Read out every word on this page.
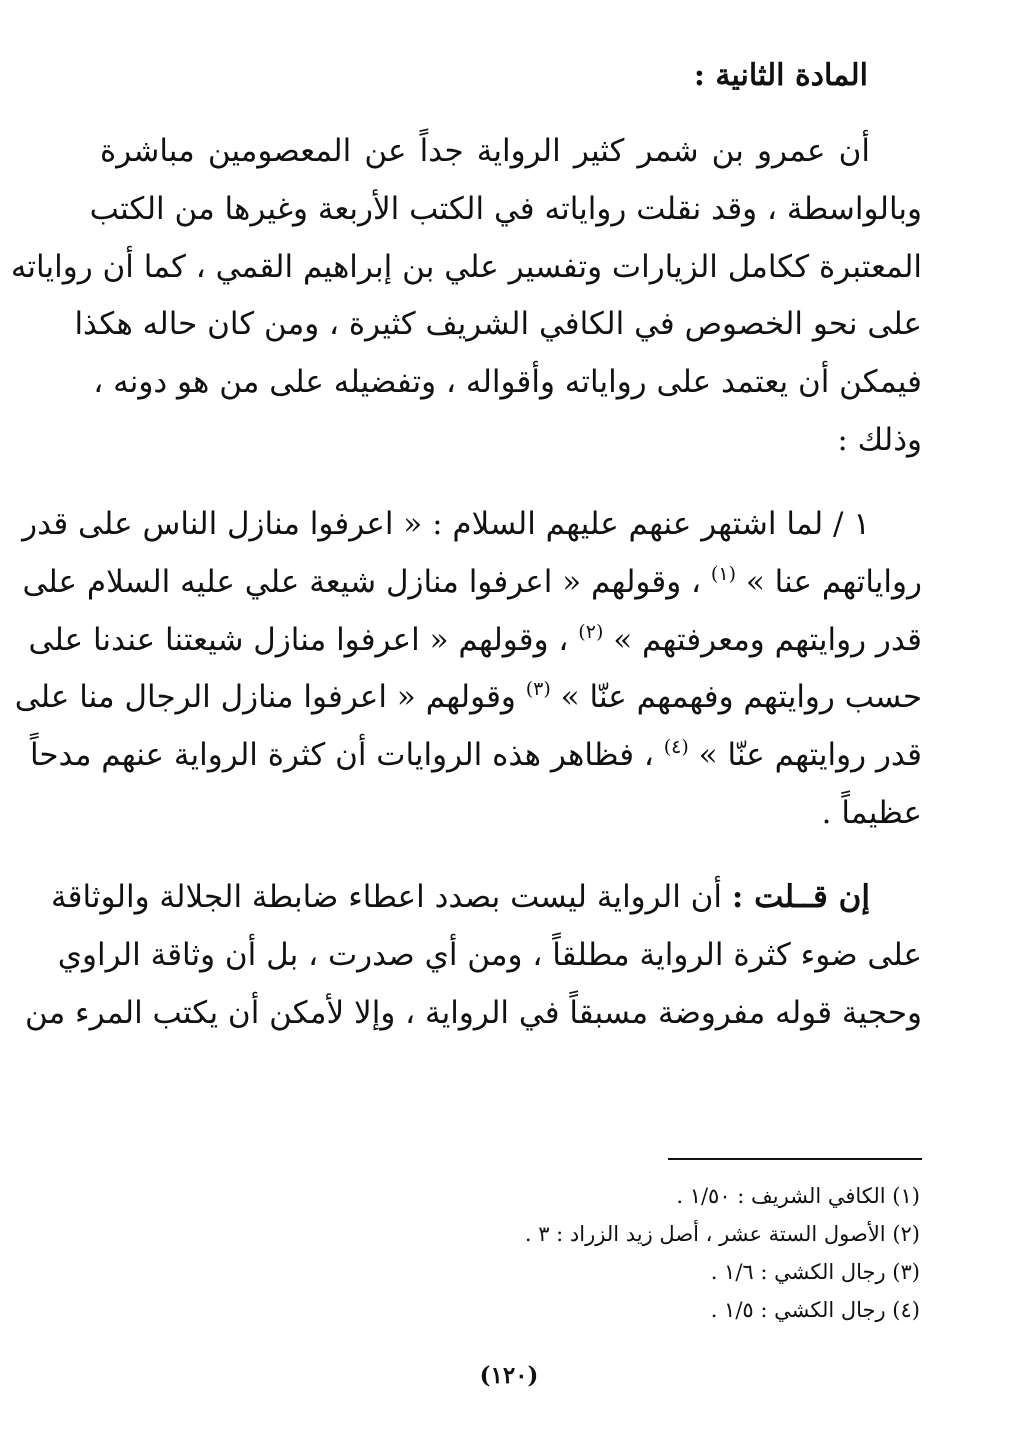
المادة الثانية :
أن عمرو بن شمر كثير الرواية جداً عن المعصومين مباشرة
وبالواسطة ، وقد نقلت رواياته في الكتب الأربعة وغيرها من الكتب
المعتبرة ككامل الزيارات وتفسير علي بن إبراهيم القمي ، كما أن رواياته
على نحو الخصوص في الكافي الشريف كثيرة ، ومن كان حاله هكذا
فيمكن أن يعتمد على رواياته وأقواله ، وتفضيله على من هو دونه ،
وذلك :
١ / لما اشتهر عنهم عليهم السلام : « اعرفوا منازل الناس على قدر
رواياتهم عنا » $^{(١)}$ ، وقولهم « اعرفوا منازل شيعة علي عليه السلام على
قدر روايتهم ومعرفتهم » $^{(٢)}$ ، وقولهم « اعرفوا منازل شيعتنا عندنا على
حسب روايتهم وفهمهم عنّا » $^{(٣)}$ وقولهم « اعرفوا منازل الرجال منا على
قدر روايتهم عنّا » $^{(٤)}$ ، فظاهر هذه الروايات أن كثرة الرواية عنهم مدحاً
عظيماً .
إن قــلت : أن الرواية ليست بصدد اعطاء ضابطة الجلالة والوثاقة
على ضوء كثرة الرواية مطلقاً ، ومن أي صدرت ، بل أن وثاقة الراوي
وحجية قوله مفروضة مسبقاً في الرواية ، وإلا لأمكن أن يكتب المرء من
(١) الكافي الشريف : ١/٥٠ .
(٢) الأصول الستة عشر ، أصل زيد الزراد : ٣ .
(٣) رجال الكشي : ١/٦ .
(٤) رجال الكشي : ١/٥ .
(١٢٠)
